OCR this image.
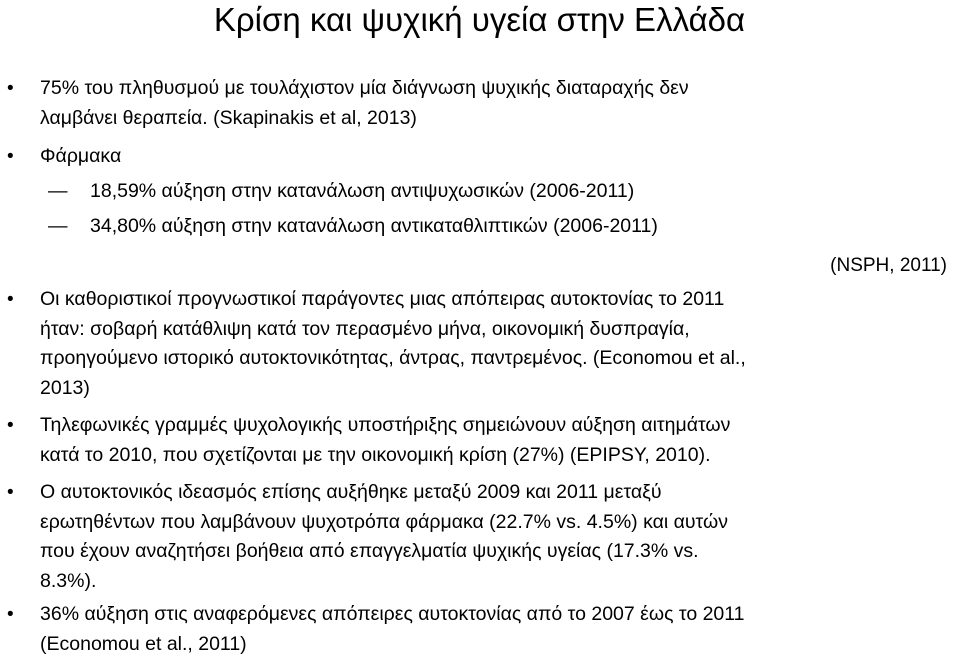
Κρίση και ψυχική υγεία στην Ελλάδα
• 75% του πληθυσμού με τουλάχιστον μία διάγνωση ψυχικής διαταραχής δεν

λαμβάνει θεραπεία. (Skapinakis et al, 2013)

• Φάρμακα

— 18,59% αύξηση στην κατανάλωση αντιψυχωσικών (2006-2011)

— 34,80% αύξηση στην κατανάλωση αντικαταθλιπτικών (2006-2011)

(NSPH, 2011)
• Οι καθοριστικοί προγνωστικοί παράγοντες μιας απόπειρας αυτοκτονίας το 2011

ήταν: σοβαρή κατάθλιψη κατά τον περασμένο μήνα, οικονομική δυσπραγία,

προηγούμενο ιστορικό αυτοκτονικότητας, άντρας, παντρεμένος. (Economou et al.,

2013)

• Τηλεφωνικές γραμμές ψυχολογικής υποστήριξης σημειώνουν αύξηση αιτημάτων

κατά το 2010, που σχετίζονται με την οικονομική κρίση (27%) (EPIPSY, 2010).

• Ο αυτοκτονικός ιδεασμός επίσης αυξήθηκε μεταξύ 2009 και 2011 μεταξύ

ερωτηθέντων που λαμβάνουν ψυχοτρόπα φάρμακα (22.7% vs. 4.5%) και αυτών

που έχουν αναζητήσει βοήθεια από επαγγελματία ψυχικής υγείας (17.3% vs.

8.3%).

• 36% αύξηση στις αναφερόμενες απόπειρες αυτοκτονίας από το 2007 έως το 2011

(Economou et al., 2011)
